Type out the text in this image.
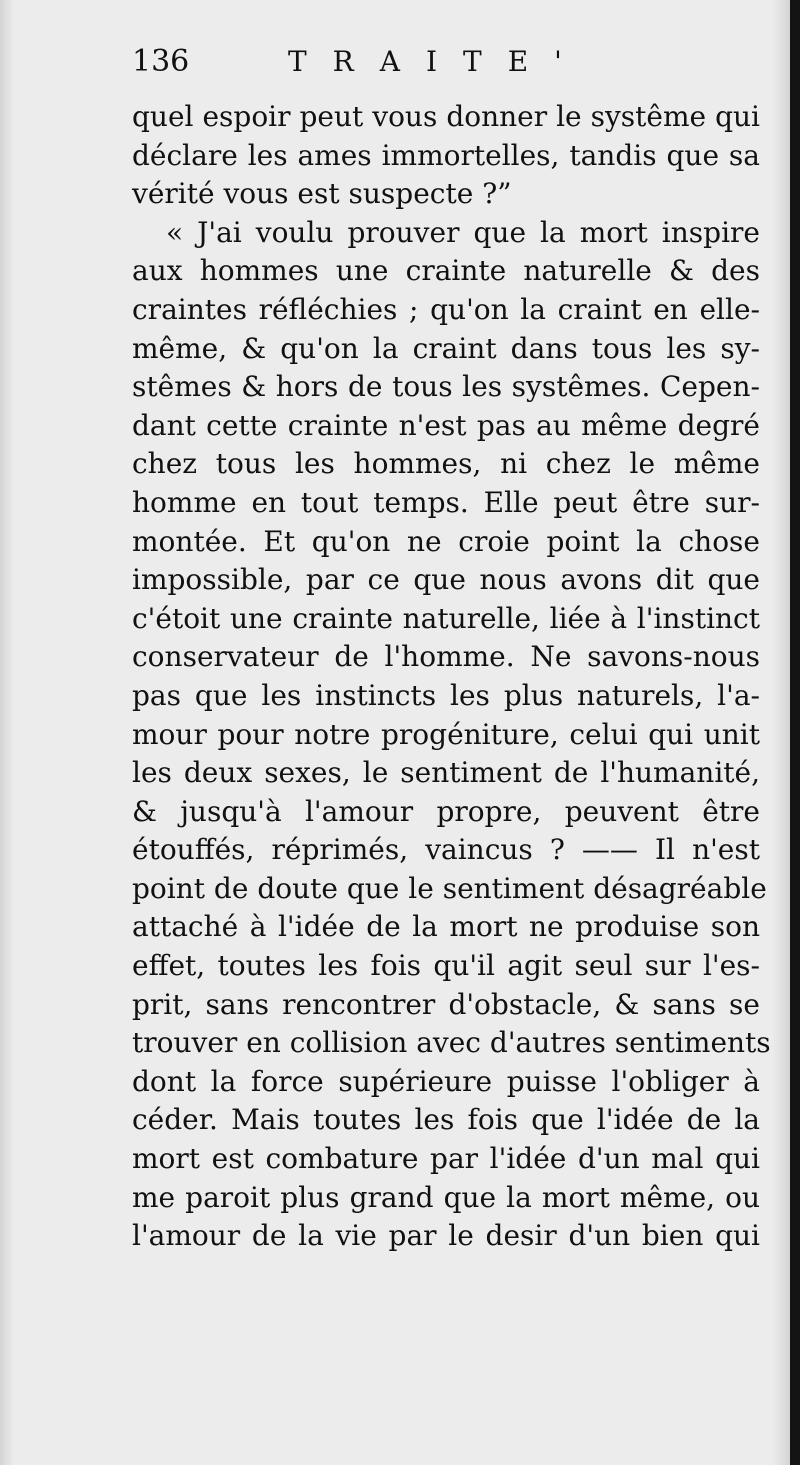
136	TRAITE'
quel espoir peut vous donner le systême qui
déclare les ames immortelles, tandis que sa
vérité vous est suspecte ?”
« J'ai voulu prouver que la mort inspire
aux hommes une crainte naturelle & des
craintes réfléchies ; qu'on la craint en elle-
même, & qu'on la craint dans tous les sy-
stêmes & hors de tous les systêmes. Cepen-
dant cette crainte n'est pas au même degré
chez tous les hommes, ni chez le même
homme en tout temps. Elle peut être sur-
montée. Et qu'on ne croie point la chose
impossible, par ce que nous avons dit que
c'étoit une crainte naturelle, liée à l'instinct
conservateur de l'homme. Ne savons-nous
pas que les instincts les plus naturels, l'a-
mour pour notre progéniture, celui qui unit
les deux sexes, le sentiment de l'humanité,
& jusqu'à l'amour propre, peuvent être
étouffés, réprimés, vaincus ? —— Il n'est
point de doute que le sentiment désagréable
attaché à l'idée de la mort ne produise son
effet, toutes les fois qu'il agit seul sur l'es-
prit, sans rencontrer d'obstacle, & sans se
trouver en collision avec d'autres sentiments
dont la force supérieure puisse l'obliger à
céder. Mais toutes les fois que l'idée de la
mort est combature par l'idée d'un mal qui
me paroit plus grand que la mort même, ou
l'amour de la vie par le desir d'un bien qui
